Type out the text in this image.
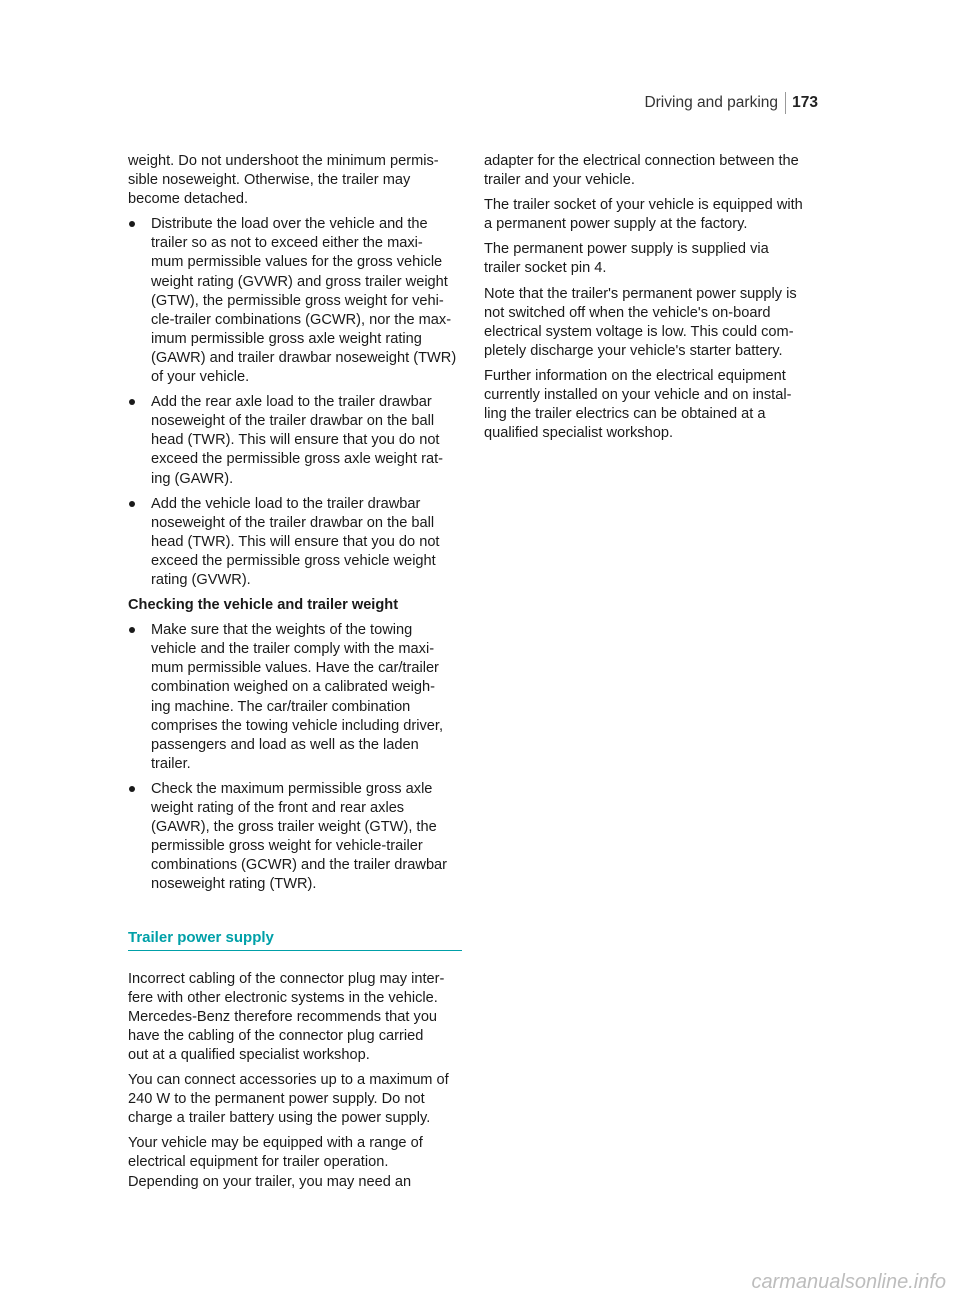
Driving and parking 173

weight. Do not undershoot the minimum permis-
sible noseweight. Otherwise, the trailer may
become detached.

Distribute the load over the vehicle and the
trailer so as not to exceed either the maxi-
mum permissible values for the gross vehicle
weight rating (GVWR) and gross trailer weight
(GTW), the permissible gross weight for vehi-
cle-trailer combinations (GCWR), nor the max-
imum permissible gross axle weight rating
(GAWR) and trailer drawbar noseweight (TWR)
of your vehicle.
Add the rear axle load to the trailer drawbar
noseweight of the trailer drawbar on the ball
head (TWR). This will ensure that you do not
exceed the permissible gross axle weight rat-
ing (GAWR).
Add the vehicle load to the trailer drawbar
noseweight of the trailer drawbar on the ball
head (TWR). This will ensure that you do not
exceed the permissible gross vehicle weight
rating (GVWR).

Checking the vehicle and trailer weight

Make sure that the weights of the towing
vehicle and the trailer comply with the maxi-
mum permissible values. Have the car/trailer
combination weighed on a calibrated weigh-
ing machine. The car/trailer combination
comprises the towing vehicle including driver,
passengers and load as well as the laden
trailer.
Check the maximum permissible gross axle
weight rating of the front and rear axles
(GAWR), the gross trailer weight (GTW), the
permissible gross weight for vehicle-trailer
combinations (GCWR) and the trailer drawbar
noseweight rating (TWR).
Trailer power supply

Incorrect cabling of the connector plug may inter-
fere with other electronic systems in the vehicle.
Mercedes-Benz therefore recommends that you
have the cabling of the connector plug carried
out at a qualified specialist workshop.

You can connect accessories up to a maximum of
240 W to the permanent power supply. Do not
charge a trailer battery using the power supply.

Your vehicle may be equipped with a range of
electrical equipment for trailer operation.
Depending on your trailer, you may need an

adapter for the electrical connection between the
trailer and your vehicle.

The trailer socket of your vehicle is equipped with
a permanent power supply at the factory.

The permanent power supply is supplied via
trailer socket pin 4.

Note that the trailer's permanent power supply is
not switched off when the vehicle's on-board
electrical system voltage is low. This could com-
pletely discharge your vehicle's starter battery.

Further information on the electrical equipment
currently installed on your vehicle and on instal-
ling the trailer electrics can be obtained at a
qualified specialist workshop.

carmanualsonline.info
